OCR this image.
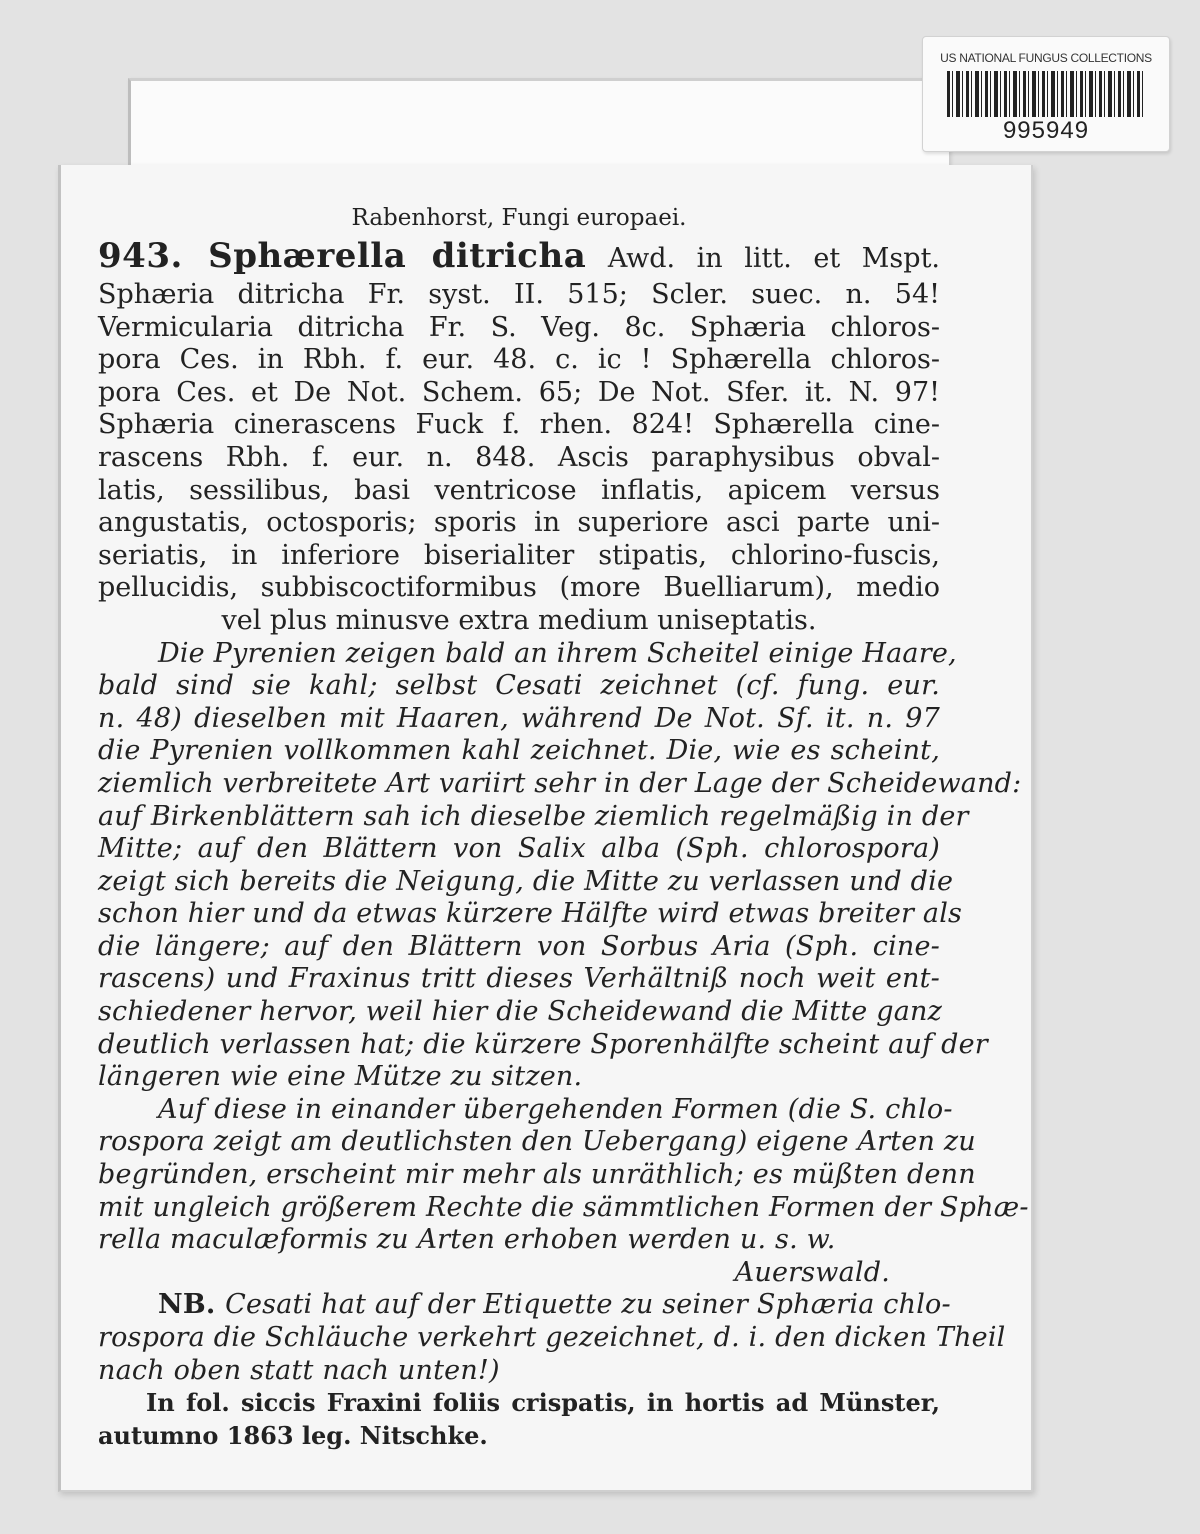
US NATIONAL FUNGUS COLLECTIONS
995949
Rabenhorst, Fungi europaei.
943. Sphærella ditricha Awd. in litt. et Mspt.
Sphæria ditricha Fr. syst. II. 515; Scler. suec. n. 54!
Vermicularia ditricha Fr. S. Veg. 8c. Sphæria chloros-
pora Ces. in Rbh. f. eur. 48. c. ic ! Sphærella chloros-
pora Ces. et De Not. Schem. 65; De Not. Sfer. it. N. 97!
Sphæria cinerascens Fuck f. rhen. 824! Sphærella cine-
rascens Rbh. f. eur. n. 848. Ascis paraphysibus obval-
latis, sessilibus, basi ventricose inflatis, apicem versus
angustatis, octosporis; sporis in superiore asci parte uni-
seriatis, in inferiore biserialiter stipatis, chlorino-fuscis,
pellucidis, subbiscoctiformibus (more Buelliarum), medio
vel plus minusve extra medium uniseptatis.
Die Pyrenien zeigen bald an ihrem Scheitel einige Haare,
bald sind sie kahl; selbst Cesati zeichnet (cf. fung. eur.
n. 48) dieselben mit Haaren, während De Not. Sf. it. n. 97
die Pyrenien vollkommen kahl zeichnet. Die, wie es scheint,
ziemlich verbreitete Art variirt sehr in der Lage der Scheidewand:
auf Birkenblättern sah ich dieselbe ziemlich regelmäßig in der
Mitte; auf den Blättern von Salix alba (Sph. chlorospora)
zeigt sich bereits die Neigung, die Mitte zu verlassen und die
schon hier und da etwas kürzere Hälfte wird etwas breiter als
die längere; auf den Blättern von Sorbus Aria (Sph. cine-
rascens) und Fraxinus tritt dieses Verhältniß noch weit ent-
schiedener hervor, weil hier die Scheidewand die Mitte ganz
deutlich verlassen hat; die kürzere Sporenhälfte scheint auf der
längeren wie eine Mütze zu sitzen.
Auf diese in einander übergehenden Formen (die S. chlo-
rospora zeigt am deutlichsten den Uebergang) eigene Arten zu
begründen, erscheint mir mehr als unräthlich; es müßten denn
mit ungleich größerem Rechte die sämmtlichen Formen der Sphæ-
rella maculæformis zu Arten erhoben werden u. s. w.
Auerswald.
NB. Cesati hat auf der Etiquette zu seiner Sphæria chlo-
rospora die Schläuche verkehrt gezeichnet, d. i. den dicken Theil
nach oben statt nach unten!)
In fol. siccis Fraxini foliis crispatis, in hortis ad Münster,
autumno 1863 leg. Nitschke.
